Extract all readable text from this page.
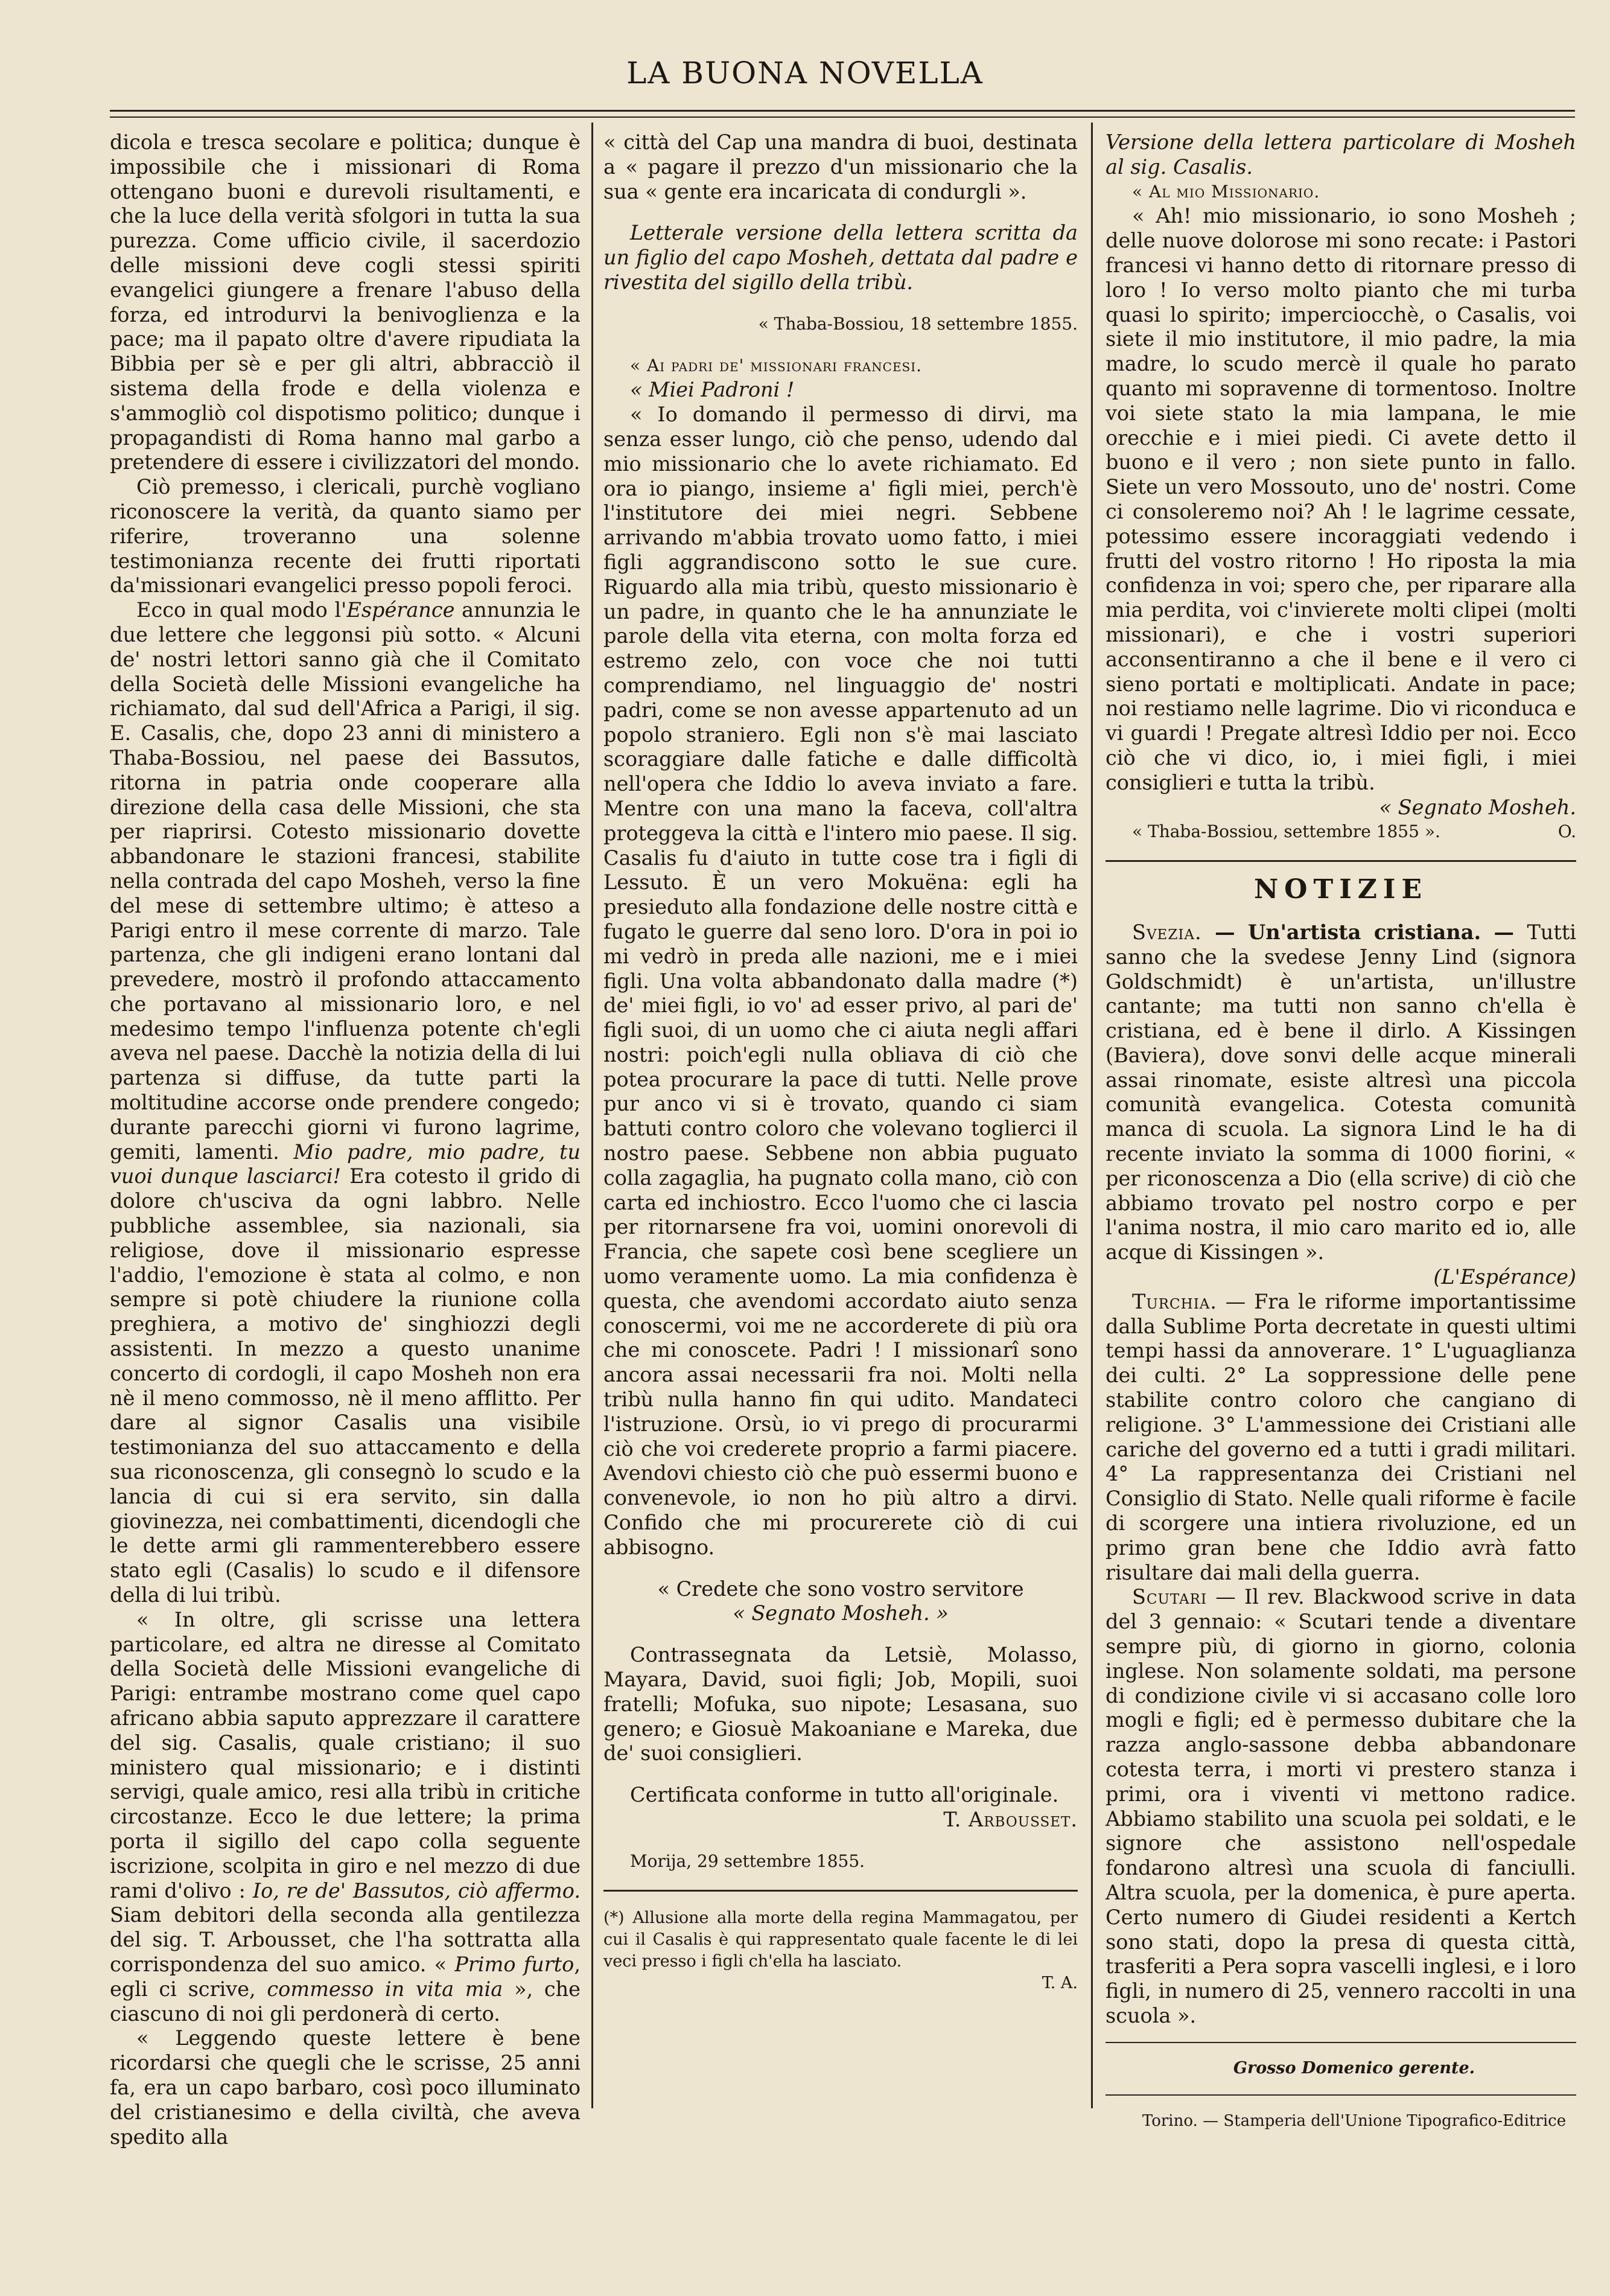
LA BUONA NOVELLA

dicola e tresca secolare e politica; dunque è impossibile che i missionari di Roma ottengano buoni e durevoli risultamenti, e che la luce della verità sfolgori in tutta la sua purezza. Come ufficio civile, il sacerdozio delle missioni deve cogli stessi spiriti evangelici giungere a frenare l'abuso della forza, ed introdurvi la benivoglienza e la pace; ma il papato oltre d'avere ripudiata la Bibbia per sè e per gli altri, abbracciò il sistema della frode e della violenza e s'ammogliò col dispotismo politico; dunque i propagandisti di Roma hanno mal garbo a pretendere di essere i civilizzatori del mondo.

Ciò premesso, i clericali, purchè vogliano riconoscere la verità, da quanto siamo per riferire, troveranno una solenne testimonianza recente dei frutti riportati da'missionari evangelici presso popoli feroci.

Ecco in qual modo l'Espérance annunzia le due lettere che leggonsi più sotto. « Alcuni de' nostri lettori sanno già che il Comitato della Società delle Missioni evangeliche ha richiamato, dal sud dell'Africa a Parigi, il sig. E. Casalis, che, dopo 23 anni di ministero a Thaba-Bossiou, nel paese dei Bassutos, ritorna in patria onde cooperare alla direzione della casa delle Missioni, che sta per riaprirsi. Cotesto missionario dovette abbandonare le stazioni francesi, stabilite nella contrada del capo Mosheh, verso la fine del mese di settembre ultimo; è atteso a Parigi entro il mese corrente di marzo. Tale partenza, che gli indigeni erano lontani dal prevedere, mostrò il profondo attaccamento che portavano al missionario loro, e nel medesimo tempo l'influenza potente ch'egli aveva nel paese. Dacchè la notizia della di lui partenza si diffuse, da tutte parti la moltitudine accorse onde prendere congedo; durante parecchi giorni vi furono lagrime, gemiti, lamenti. Mio padre, mio padre, tu vuoi dunque lasciarci! Era cotesto il grido di dolore ch'usciva da ogni labbro. Nelle pubbliche assemblee, sia nazionali, sia religiose, dove il missionario espresse l'addio, l'emozione è stata al colmo, e non sempre si potè chiudere la riunione colla preghiera, a motivo de' singhiozzi degli assistenti. In mezzo a questo unanime concerto di cordogli, il capo Mosheh non era nè il meno commosso, nè il meno afflitto. Per dare al signor Casalis una visibile testimonianza del suo attaccamento e della sua riconoscenza, gli consegnò lo scudo e la lancia di cui si era servito, sin dalla giovinezza, nei combattimenti, dicendogli che le dette armi gli rammenterebbero essere stato egli (Casalis) lo scudo e il difensore della di lui tribù.

« In oltre, gli scrisse una lettera particolare, ed altra ne diresse al Comitato della Società delle Missioni evangeliche di Parigi: entrambe mostrano come quel capo africano abbia saputo apprezzare il carattere del sig. Casalis, quale cristiano; il suo ministero qual missionario; e i distinti servigi, quale amico, resi alla tribù in critiche circostanze. Ecco le due lettere; la prima porta il sigillo del capo colla seguente iscrizione, scolpita in giro e nel mezzo di due rami d'olivo : Io, re de' Bassutos, ciò affermo. Siam debitori della seconda alla gentilezza del sig. T. Arbousset, che l'ha sottratta alla corrispondenza del suo amico. « Primo furto, egli ci scrive, commesso in vita mia », che ciascuno di noi gli perdonerà di certo.

« Leggendo queste lettere è bene ricordarsi che quegli che le scrisse, 25 anni fa, era un capo barbaro, così poco illuminato del cristianesimo e della civiltà, che aveva spedito alla

« città del Cap una mandra di buoi, destinata a « pagare il prezzo d'un missionario che la sua « gente era incaricata di condurgli ».

Letterale versione della lettera scritta da un figlio del capo Mosheh, dettata dal padre e rivestita del sigillo della tribù.

« Thaba-Bossiou, 18 settembre 1855.

« Ai padri de' missionari francesi.

« Miei Padroni !

« Io domando il permesso di dirvi, ma senza esser lungo, ciò che penso, udendo dal mio missionario che lo avete richiamato. Ed ora io piango, insieme a' figli miei, perch'è l'institutore dei miei negri. Sebbene arrivando m'abbia trovato uomo fatto, i miei figli aggrandiscono sotto le sue cure. Riguardo alla mia tribù, questo missionario è un padre, in quanto che le ha annunziate le parole della vita eterna, con molta forza ed estremo zelo, con voce che noi tutti comprendiamo, nel linguaggio de' nostri padri, come se non avesse appartenuto ad un popolo straniero. Egli non s'è mai lasciato scoraggiare dalle fatiche e dalle difficoltà nell'opera che Iddio lo aveva inviato a fare. Mentre con una mano la faceva, coll'altra proteggeva la città e l'intero mio paese. Il sig. Casalis fu d'aiuto in tutte cose tra i figli di Lessuto. È un vero Mokuëna: egli ha presieduto alla fondazione delle nostre città e fugato le guerre dal seno loro. D'ora in poi io mi vedrò in preda alle nazioni, me e i miei figli. Una volta abbandonato dalla madre (*) de' miei figli, io vo' ad esser privo, al pari de' figli suoi, di un uomo che ci aiuta negli affari nostri: poich'egli nulla obliava di ciò che potea procurare la pace di tutti. Nelle prove pur anco vi si è trovato, quando ci siam battuti contro coloro che volevano toglierci il nostro paese. Sebbene non abbia puguato colla zagaglia, ha pugnato colla mano, ciò con carta ed inchiostro. Ecco l'uomo che ci lascia per ritornarsene fra voi, uomini onorevoli di Francia, che sapete così bene scegliere un uomo veramente uomo. La mia confidenza è questa, che avendomi accordato aiuto senza conoscermi, voi me ne accorderete di più ora che mi conoscete. Padri ! I missionarî sono ancora assai necessarii fra noi. Molti nella tribù nulla hanno fin qui udito. Mandateci l'istruzione. Orsù, io vi prego di procurarmi ciò che voi crederete proprio a farmi piacere. Avendovi chiesto ciò che può essermi buono e convenevole, io non ho più altro a dirvi. Confido che mi procurerete ciò di cui abbisogno.

« Credete che sono vostro servitore

« Segnato Mosheh. »

Contrassegnata da Letsiè, Molasso, Mayara, David, suoi figli; Job, Mopili, suoi fratelli; Mofuka, suo nipote; Lesasana, suo genero; e Giosuè Makoaniane e Mareka, due de' suoi consiglieri.

Certificata conforme in tutto all'originale.

T. Arbousset.

Morija, 29 settembre 1855.

(*) Allusione alla morte della regina Mammagatou, per cui il Casalis è qui rappresentato quale facente le di lei veci presso i figli ch'ella ha lasciato.

T. A.

Versione della lettera particolare di Mosheh al sig. Casalis.

« Al mio Missionario.

« Ah! mio missionario, io sono Mosheh ; delle nuove dolorose mi sono recate: i Pastori francesi vi hanno detto di ritornare presso di loro ! Io verso molto pianto che mi turba quasi lo spirito; imperciocchè, o Casalis, voi siete il mio institutore, il mio padre, la mia madre, lo scudo mercè il quale ho parato quanto mi sopravenne di tormentoso. Inoltre voi siete stato la mia lampana, le mie orecchie e i miei piedi. Ci avete detto il buono e il vero ; non siete punto in fallo. Siete un vero Mossouto, uno de' nostri. Come ci consoleremo noi? Ah ! le lagrime cessate, potessimo essere incoraggiati vedendo i frutti del vostro ritorno ! Ho riposta la mia confidenza in voi; spero che, per riparare alla mia perdita, voi c'invierete molti clipei (molti missionari), e che i vostri superiori acconsentiranno a che il bene e il vero ci sieno portati e moltiplicati. Andate in pace; noi restiamo nelle lagrime. Dio vi riconduca e vi guardi ! Pregate altresì Iddio per noi. Ecco ciò che vi dico, io, i miei figli, i miei consiglieri e tutta la tribù.

« Segnato Mosheh.

« Thaba-Bossiou, settembre 1855 ».	O.

NOTIZIE

Svezia. — Un'artista cristiana. — Tutti sanno che la svedese Jenny Lind (signora Goldschmidt) è un'artista, un'illustre cantante; ma tutti non sanno ch'ella è cristiana, ed è bene il dirlo. A Kissingen (Baviera), dove sonvi delle acque minerali assai rinomate, esiste altresì una piccola comunità evangelica. Cotesta comunità manca di scuola. La signora Lind le ha di recente inviato la somma di 1000 fiorini, « per riconoscenza a Dio (ella scrive) di ciò che abbiamo trovato pel nostro corpo e per l'anima nostra, il mio caro marito ed io, alle acque di Kissingen ».

(L'Espérance)

Turchia. — Fra le riforme importantissime dalla Sublime Porta decretate in questi ultimi tempi hassi da annoverare. 1° L'uguaglianza dei culti. 2° La soppressione delle pene stabilite contro coloro che cangiano di religione. 3° L'ammessione dei Cristiani alle cariche del governo ed a tutti i gradi militari. 4° La rappresentanza dei Cristiani nel Consiglio di Stato. Nelle quali riforme è facile di scorgere una intiera rivoluzione, ed un primo gran bene che Iddio avrà fatto risultare dai mali della guerra.

Scutari — Il rev. Blackwood scrive in data del 3 gennaio: « Scutari tende a diventare sempre più, di giorno in giorno, colonia inglese. Non solamente soldati, ma persone di condizione civile vi si accasano colle loro mogli e figli; ed è permesso dubitare che la razza anglo-sassone debba abbandonare cotesta terra, i morti vi prestero stanza i primi, ora i viventi vi mettono radice. Abbiamo stabilito una scuola pei soldati, e le signore che assistono nell'ospedale fondarono altresì una scuola di fanciulli. Altra scuola, per la domenica, è pure aperta. Certo numero di Giudei residenti a Kertch sono stati, dopo la presa di questa città, trasferiti a Pera sopra vascelli inglesi, e i loro figli, in numero di 25, vennero raccolti in una scuola ».

Grosso Domenico gerente.

Torino. — Stamperia dell'Unione Tipografico-Editrice
